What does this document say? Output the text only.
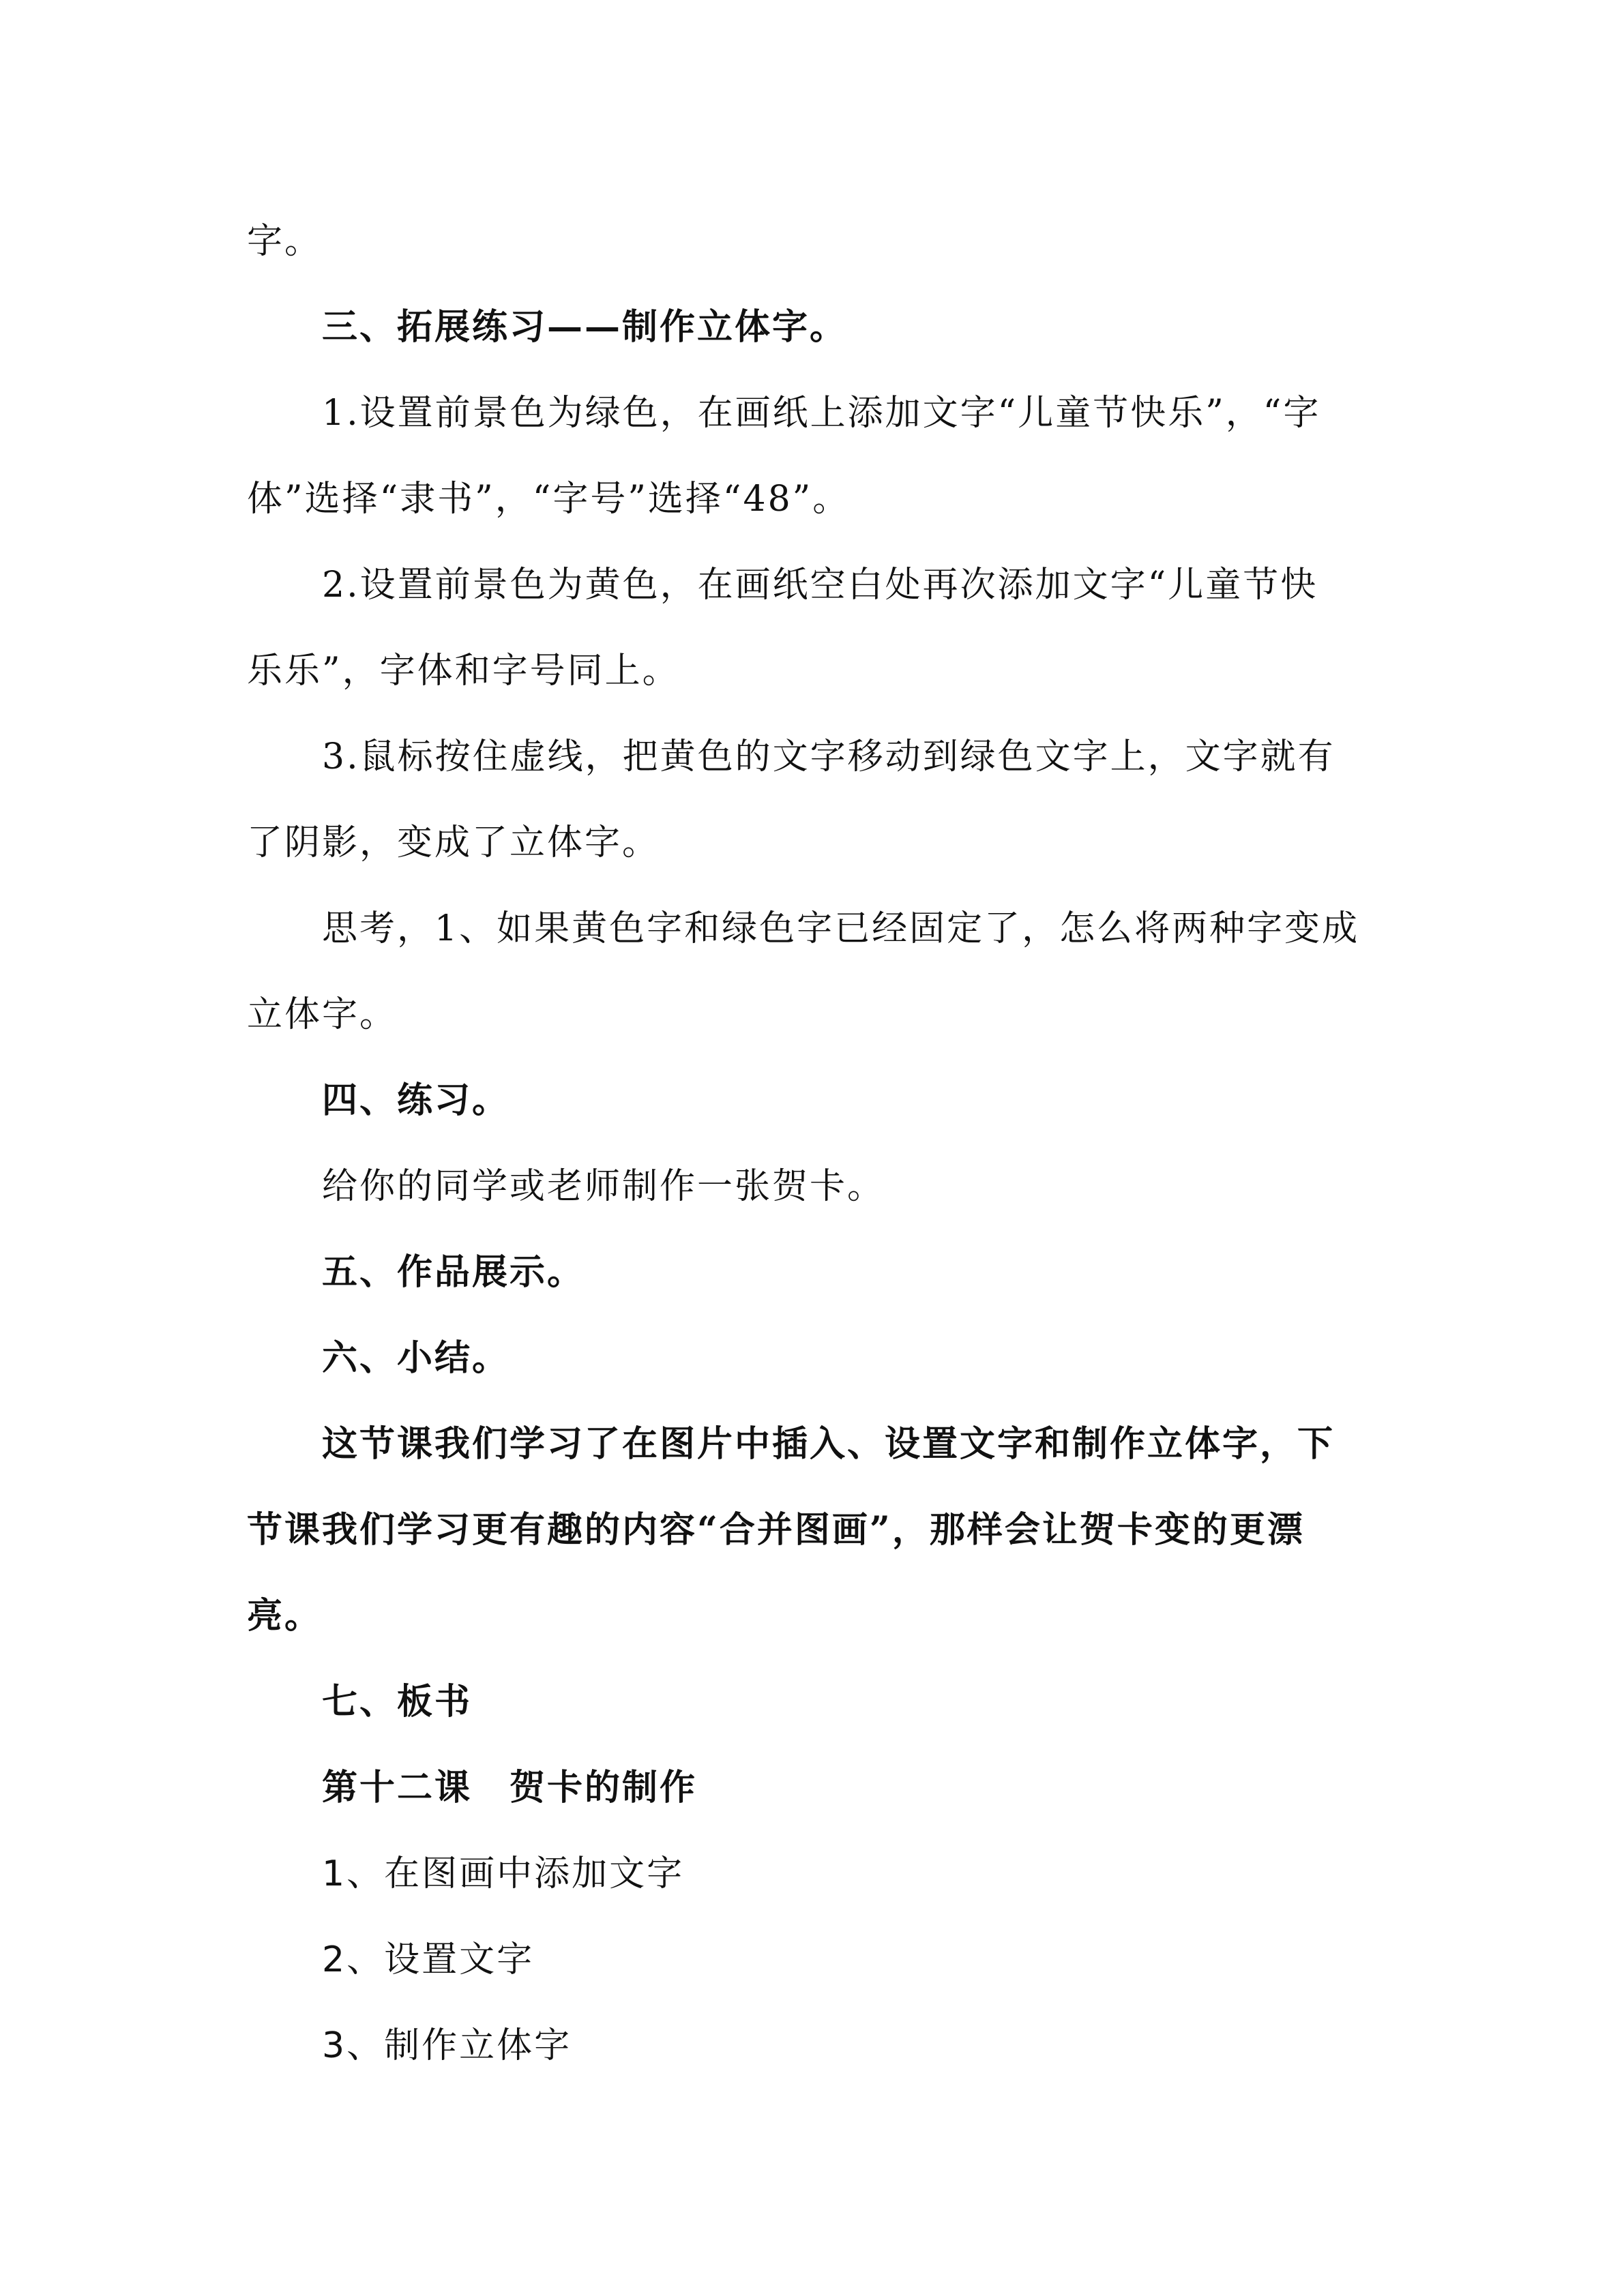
字。
三、拓展练习——制作立体字。
1.设置前景色为绿色，在画纸上添加文字“儿童节快乐”，“字
体”选择“隶书”，“字号”选择“48”。
2.设置前景色为黄色，在画纸空白处再次添加文字“儿童节快
乐乐”，字体和字号同上。
3.鼠标按住虚线，把黄色的文字移动到绿色文字上，文字就有
了阴影，变成了立体字。
思考，1、如果黄色字和绿色字已经固定了，怎么将两种字变成
立体字。
四、练习。
给你的同学或老师制作一张贺卡。
五、作品展示。
六、小结。
这节课我们学习了在图片中插入、设置文字和制作立体字，下
节课我们学习更有趣的内容“合并图画”，那样会让贺卡变的更漂
亮。
七、板书
第十二课　贺卡的制作
1、在图画中添加文字
2、设置文字
3、制作立体字
